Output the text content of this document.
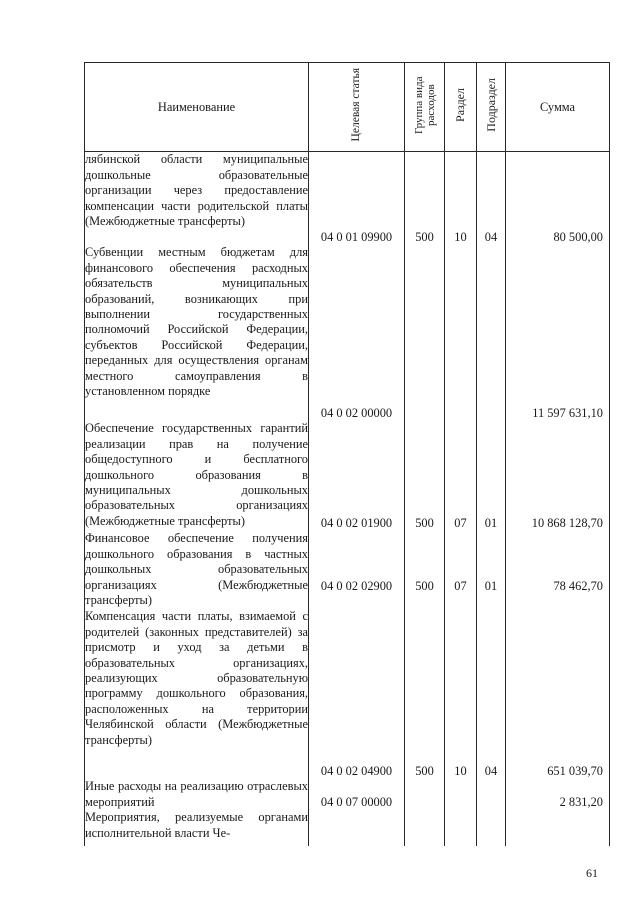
Наименование	Целевая статья	Группа вида расходов	Раздел	Подраздел	Сумма

лябинской области муниципальные дошкольные образовательные организации через предоставление компенсации части родительской платы (Межбюджетные трансферты)	04 0 01 09900	500	10	04	80 500,00

Субвенции местным бюджетам для финансового обеспечения расходных обязательств муниципальных образований, возникающих при выполнении государственных полномочий Российской Федерации, субъектов Российской Федерации, переданных для осуществления органам местного самоуправления в установленном порядке	04 0 02 00000				11 597 631,10

Обеспечение государственных гарантий реализации прав на получение общедоступного и бесплатного дошкольного образования в муниципальных дошкольных образовательных организациях (Межбюджетные трансферты)	04 0 02 01900	500	07	01	10 868 128,70

Финансовое обеспечение получения дошкольного образования в частных дошкольных образовательных организациях (Межбюджетные трансферты)	04 0 02 02900	500	07	01	78 462,70

Компенсация части платы, взимаемой с родителей (законных представителей) за присмотр и уход за детьми в образовательных организациях, реализующих образовательную программу дошкольного образования, расположенных на территории Челябинской области (Межбюджетные трансферты)	04 0 02 04900	500	10	04	651 039,70

Иные расходы на реализацию отраслевых мероприятий	04 0 07 00000				2 831,20

Мероприятия, реализуемые органами исполнительной власти Че-					

61
